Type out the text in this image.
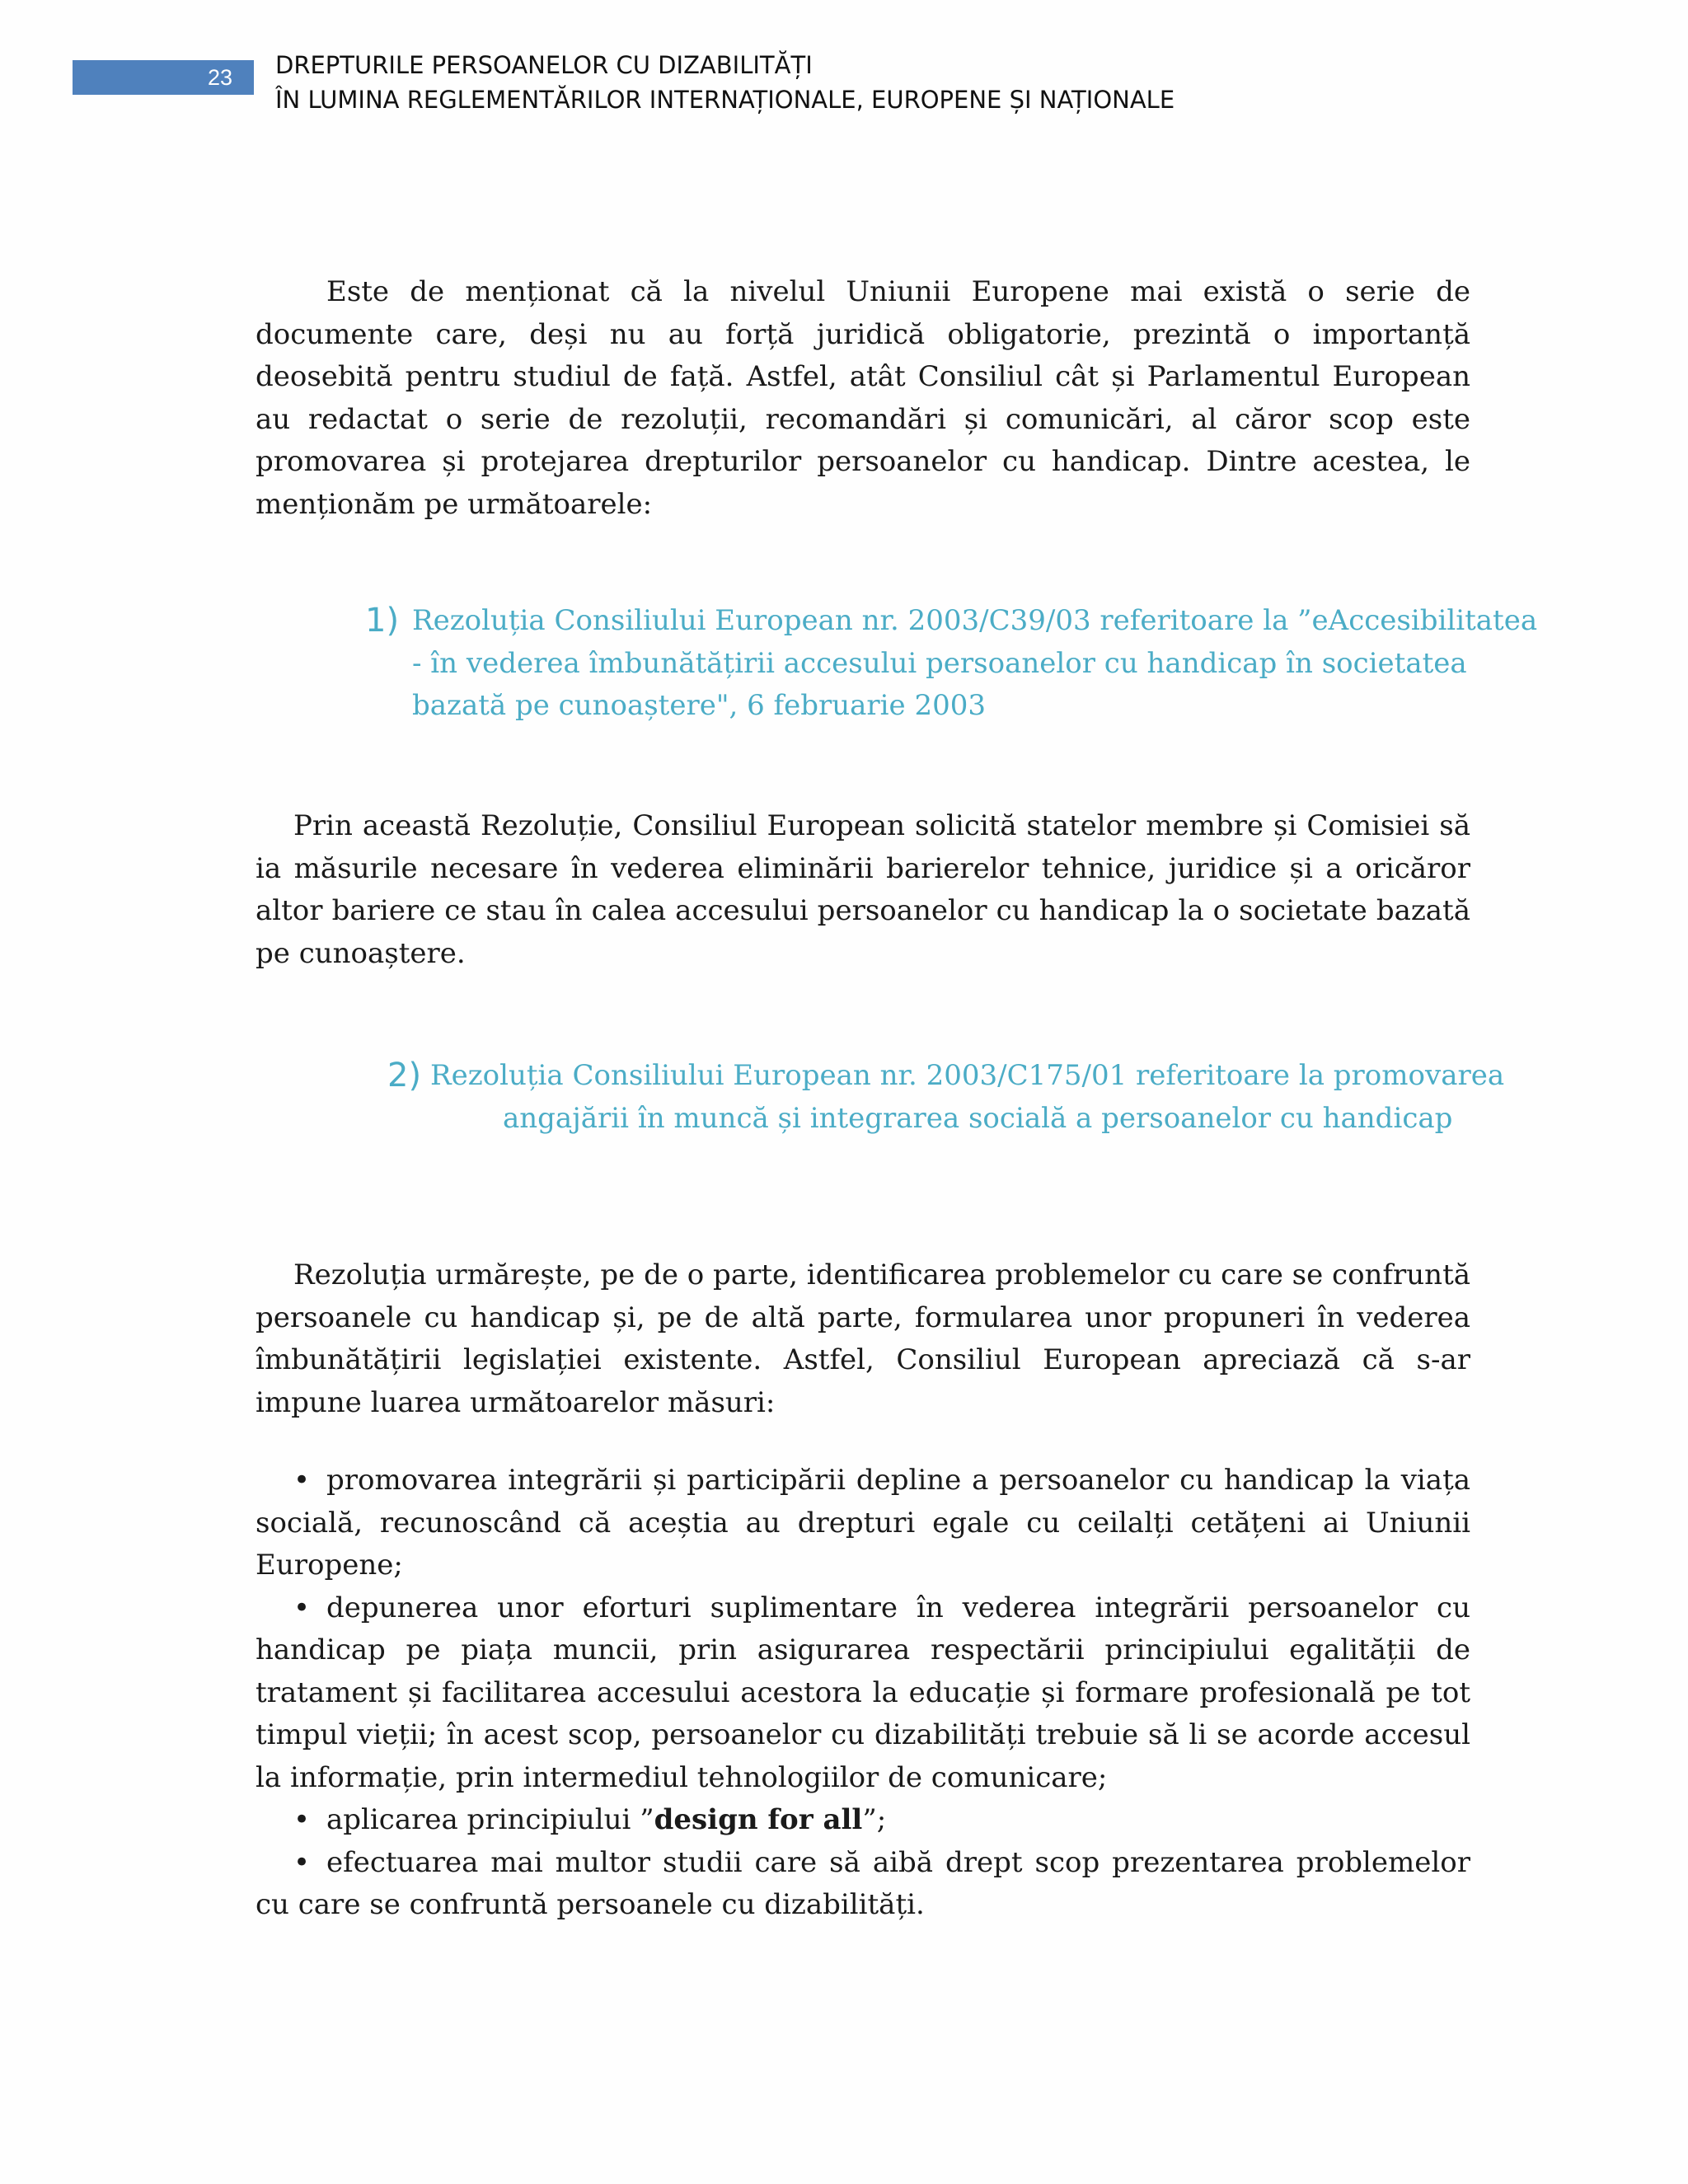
23 DREPTURILE PERSOANELOR CU DIZABILITĂȚI
ÎN LUMINA REGLEMENTĂRILOR INTERNAȚIONALE, EUROPENE ȘI NAȚIONALE

Este de menționat că la nivelul Uniunii Europene mai există o serie de documente care, deși nu au forță juridică obligatorie, prezintă o importanță deosebită pentru studiul de față. Astfel, atât Consiliul cât și Parlamentul European au redactat o serie de rezoluții, recomandări și comunicări, al căror scop este promovarea și protejarea drepturilor persoanelor cu handicap. Dintre acestea, le menționăm pe următoarele:

1) Rezoluția Consiliului European nr. 2003/C39/03 referitoare la ”eAccesibilitatea
- în vederea îmbunătățirii accesului persoanelor cu handicap în societatea
bazată pe cunoaștere", 6 februarie 2003

Prin această Rezoluție, Consiliul European solicită statelor membre și Comisiei să ia măsurile necesare în vederea eliminării barierelor tehnice, juridice și a oricăror altor bariere ce stau în calea accesului persoanelor cu handicap la o societate bazată pe cunoaștere.

2) Rezoluția Consiliului European nr. 2003/C175/01 referitoare la promovarea
angajării în muncă și integrarea socială a persoanelor cu handicap

Rezoluția urmărește, pe de o parte, identificarea problemelor cu care se confruntă persoanele cu handicap și, pe de altă parte, formularea unor propuneri în vederea îmbunătățirii legislației existente. Astfel, Consiliul European apreciază că s-ar impune luarea următoarelor măsuri:

• promovarea integrării și participării depline a persoanelor cu handicap la viața socială, recunoscând că aceștia au drepturi egale cu ceilalți cetățeni ai Uniunii Europene;

• depunerea unor eforturi suplimentare în vederea integrării persoanelor cu handicap pe piața muncii, prin asigurarea respectării principiului egalității de tratament și facilitarea accesului acestora la educație și formare profesională pe tot timpul vieții; în acest scop, persoanelor cu dizabilități trebuie să li se acorde accesul la informație, prin intermediul tehnologiilor de comunicare;

• aplicarea principiului ”design for all”;

• efectuarea mai multor studii care să aibă drept scop prezentarea problemelor cu care se confruntă persoanele cu dizabilități.
